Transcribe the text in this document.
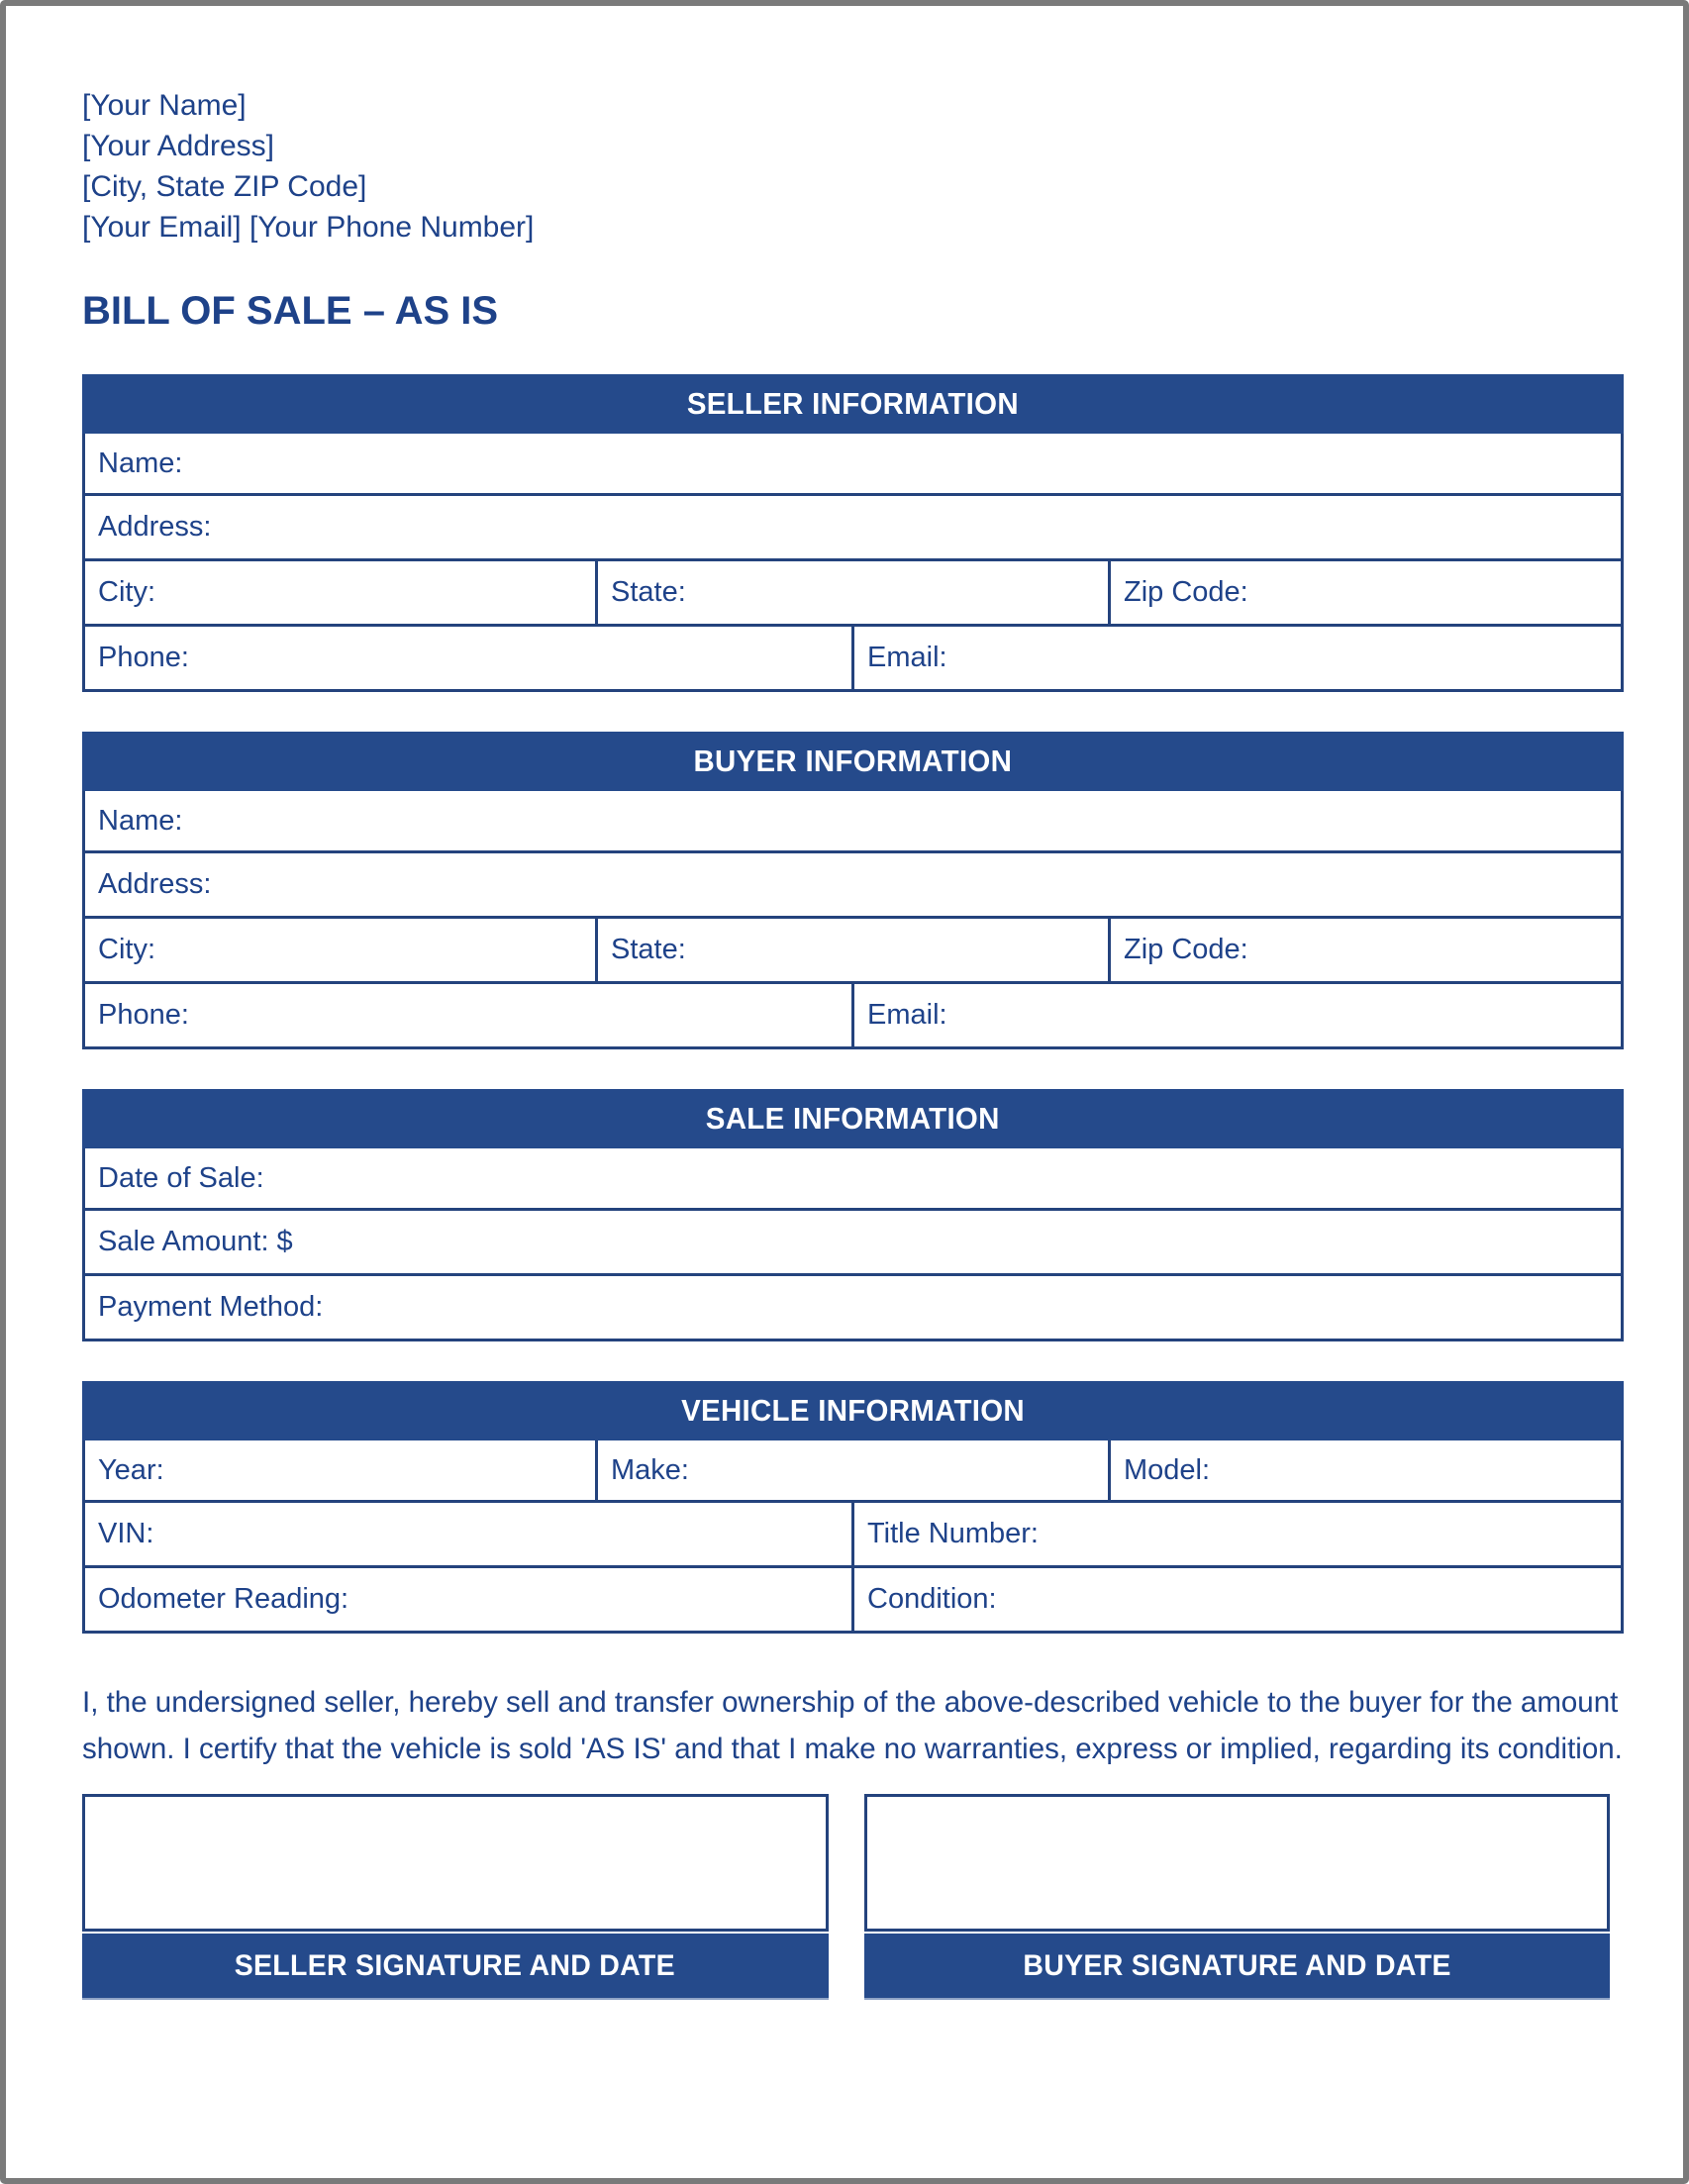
[Your Name]
[Your Address]
[City, State ZIP Code]
[Your Email] [Your Phone Number]
BILL OF SALE – AS IS
SELLER INFORMATION
Name:
Address:
City:	State:	Zip Code:
Phone:	Email:
BUYER INFORMATION
Name:
Address:
City:	State:	Zip Code:
Phone:	Email:
SALE INFORMATION
Date of Sale:
Sale Amount: $
Payment Method:
VEHICLE INFORMATION
Year:	Make:	Model:
VIN:	Title Number:
Odometer Reading:	Condition:
I, the undersigned seller, hereby sell and transfer ownership of the above-described vehicle to the buyer for the amount shown. I certify that the vehicle is sold 'AS IS' and that I make no warranties, express or implied, regarding its condition.
SELLER SIGNATURE AND DATE	BUYER SIGNATURE AND DATE
